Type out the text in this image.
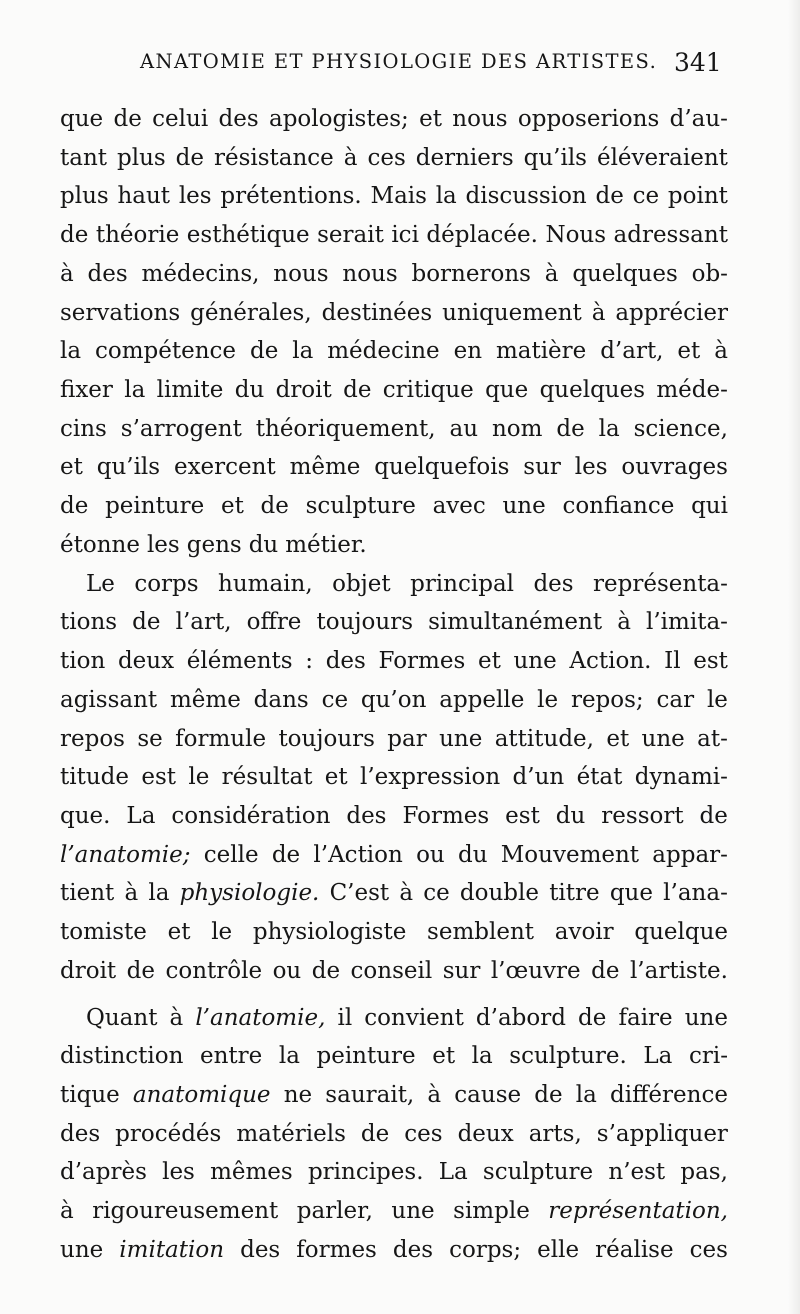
ANATOMIE ET PHYSIOLOGIE DES ARTISTES. 341
que de celui des apologistes; et nous opposerions d’au-
tant plus de résistance à ces derniers qu’ils éléveraient
plus haut les prétentions. Mais la discussion de ce point
de théorie esthétique serait ici déplacée. Nous adressant
à des médecins, nous nous bornerons à quelques ob-
servations générales, destinées uniquement à apprécier
la compétence de la médecine en matière d’art, et à
fixer la limite du droit de critique que quelques méde-
cins s’arrogent théoriquement, au nom de la science,
et qu’ils exercent même quelquefois sur les ouvrages
de peinture et de sculpture avec une confiance qui
étonne les gens du métier.
Le corps humain, objet principal des représenta-
tions de l’art, offre toujours simultanément à l’imita-
tion deux éléments : des Formes et une Action. Il est
agissant même dans ce qu’on appelle le repos; car le
repos se formule toujours par une attitude, et une at-
titude est le résultat et l’expression d’un état dynami-
que. La considération des Formes est du ressort de
l’anatomie; celle de l’Action ou du Mouvement appar-
tient à la physiologie. C’est à ce double titre que l’ana-
tomiste et le physiologiste semblent avoir quelque
droit de contrôle ou de conseil sur l’œuvre de l’artiste.
Quant à l’anatomie, il convient d’abord de faire une
distinction entre la peinture et la sculpture. La cri-
tique anatomique ne saurait, à cause de la différence
des procédés matériels de ces deux arts, s’appliquer
d’après les mêmes principes. La sculpture n’est pas,
à rigoureusement parler, une simple représentation,
une imitation des formes des corps; elle réalise ces
